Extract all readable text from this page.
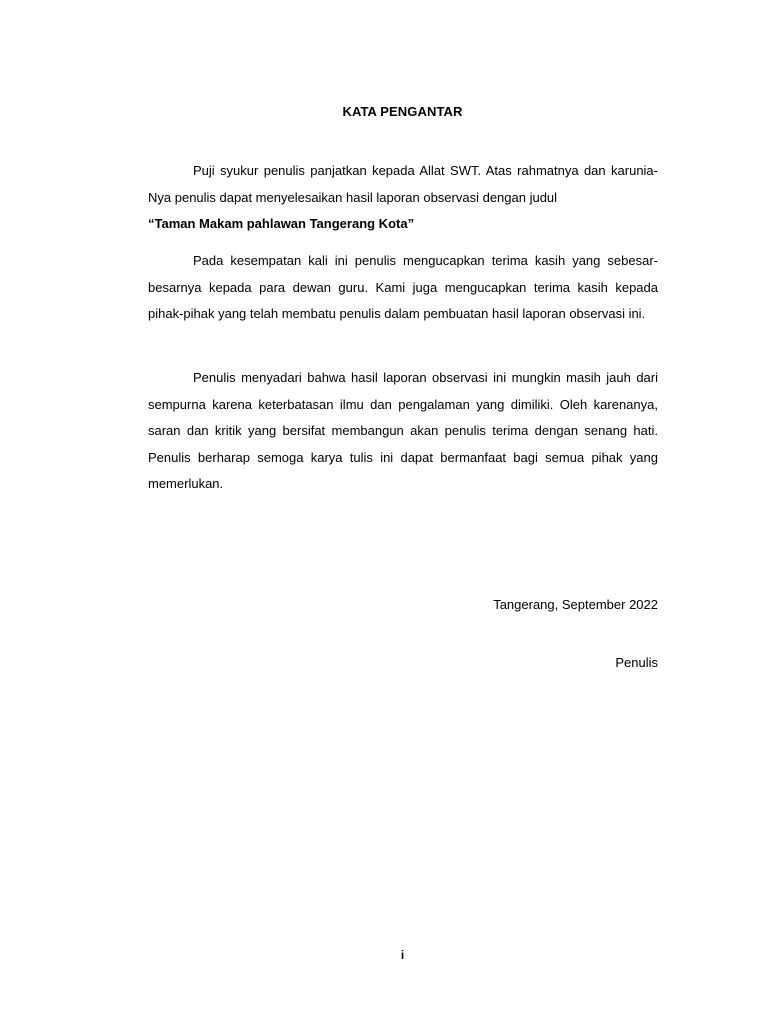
KATA PENGANTAR

Puji syukur penulis panjatkan kepada Allat SWT. Atas rahmatnya dan karunia-Nya penulis dapat menyelesaikan hasil laporan observasi dengan judul
“Taman Makam pahlawan Tangerang Kota”

Pada kesempatan kali ini penulis mengucapkan terima kasih yang sebesar-besarnya kepada para dewan guru. Kami juga mengucapkan terima kasih kepada pihak-pihak yang telah membatu penulis dalam pembuatan hasil laporan observasi ini.

Penulis menyadari bahwa hasil laporan observasi ini mungkin masih jauh dari sempurna karena keterbatasan ilmu dan pengalaman yang dimiliki. Oleh karenanya, saran dan kritik yang bersifat membangun akan penulis terima dengan senang hati. Penulis berharap semoga karya tulis ini dapat bermanfaat bagi semua pihak yang memerlukan.

Tangerang, September 2022
Penulis
i
